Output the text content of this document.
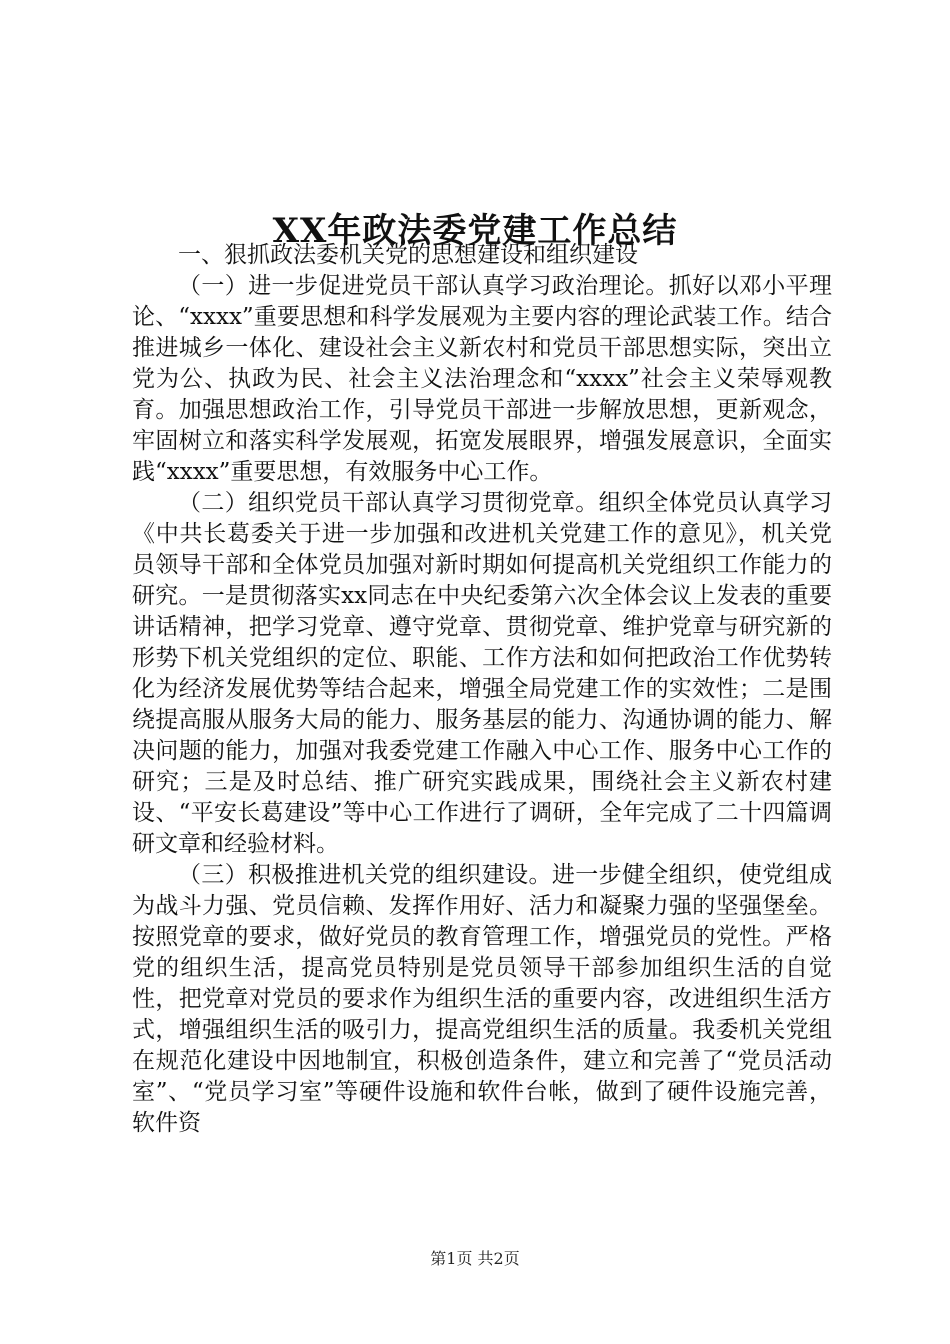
XX年政法委党建工作总结

一、狠抓政法委机关党的思想建设和组织建设

（一）进一步促进党员干部认真学习政治理论。抓好以邓小平理论、“xxxx”重要思想和科学发展观为主要内容的理论武装工作。结合推进城乡一体化、建设社会主义新农村和党员干部思想实际，突出立党为公、执政为民、社会主义法治理念和“xxxx”社会主义荣辱观教育。加强思想政治工作，引导党员干部进一步解放思想，更新观念，牢固树立和落实科学发展观，拓宽发展眼界，增强发展意识，全面实践“xxxx”重要思想，有效服务中心工作。

（二）组织党员干部认真学习贯彻党章。组织全体党员认真学习《中共长葛委关于进一步加强和改进机关党建工作的意见》，机关党员领导干部和全体党员加强对新时期如何提高机关党组织工作能力的研究。一是贯彻落实xx同志在中央纪委第六次全体会议上发表的重要讲话精神，把学习党章、遵守党章、贯彻党章、维护党章与研究新的形势下机关党组织的定位、职能、工作方法和如何把政治工作优势转化为经济发展优势等结合起来，增强全局党建工作的实效性；二是围绕提高服从服务大局的能力、服务基层的能力、沟通协调的能力、解决问题的能力，加强对我委党建工作融入中心工作、服务中心工作的研究；三是及时总结、推广研究实践成果，围绕社会主义新农村建设、“平安长葛建设”等中心工作进行了调研，全年完成了二十四篇调研文章和经验材料。

（三）积极推进机关党的组织建设。进一步健全组织，使党组成为战斗力强、党员信赖、发挥作用好、活力和凝聚力强的坚强堡垒。按照党章的要求，做好党员的教育管理工作，增强党员的党性。严格党的组织生活，提高党员特别是党员领导干部参加组织生活的自觉性，把党章对党员的要求作为组织生活的重要内容，改进组织生活方式，增强组织生活的吸引力，提高党组织生活的质量。我委机关党组在规范化建设中因地制宜，积极创造条件，建立和完善了“党员活动室”、“党员学习室”等硬件设施和软件台帐，做到了硬件设施完善，软件资

第1页 共2页
